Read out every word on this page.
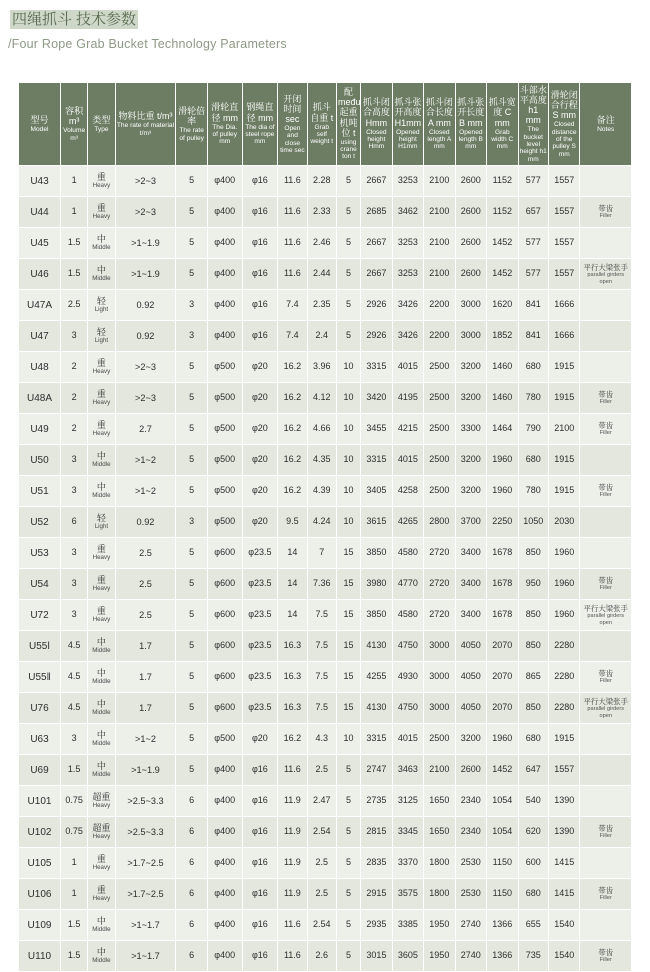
四绳抓斗 技术参数
/Four Rope Grab Bucket Technology Parameters
型号
Model	容积 m³
Volume m³	类型
Type	物料比重 t/m³
The rate of material t/m³	滑轮倍率
The rate of pulley	滑轮直径 mm
The Dia. of pulley mm	钢绳直径 mm
The dia of steel rope mm	开闭时间 sec
Open and close time sec	抓斗自重 t
Grab self weight t	配među起重机吨位 t
using crane ton t	抓斗闭合高度 Hmm
Closed height Hmm	抓斗张开高度 H1mm
Opened height H1mm	抓斗闭合长度 A mm
Closed length A mm	抓斗张开长度 B mm
Opened length B mm	抓斗宽度 C mm
Grab width C mm	斗部水平高度 h1 mm
The bucket level height h1 mm	滑轮闭合行程 S mm
Closed distance of the pulley S mm	备注
Notes

U43	1	重
Heavy	>2~3	5	φ400	φ16	11.6	2.28	5	2667	3253	2100	2600	1152	577	1557	
U44	1	重
Heavy	>2~3	5	φ400	φ16	11.6	2.33	5	2685	3462	2100	2600	1152	657	1557	带齿
Filler

U45	1.5	中
Middle	>1~1.9	5	φ400	φ16	11.6	2.46	5	2667	3253	2100	2600	1452	577	1557	
U46	1.5	中
Middle	>1~1.9	5	φ400	φ16	11.6	2.44	5	2667	3253	2100	2600	1452	577	1557	平行大梁张手
parallel girders open

U47A	2.5	轻
Light	0.92	3	φ400	φ16	7.4	2.35	5	2926	3426	2200	3000	1620	841	1666	
U47	3	轻
Light	0.92	3	φ400	φ16	7.4	2.4	5	2926	3426	2200	3000	1852	841	1666	
U48	2	重
Heavy	>2~3	5	φ500	φ20	16.2	3.96	10	3315	4015	2500	3200	1460	680	1915	
U48A	2	重
Heavy	>2~3	5	φ500	φ20	16.2	4.12	10	3420	4195	2500	3200	1460	780	1915	带齿
Filler

U49	2	重
Heavy	2.7	5	φ500	φ20	16.2	4.66	10	3455	4215	2500	3300	1464	790	2100	带齿
Filler

U50	3	中
Middle	>1~2	5	φ500	φ20	16.2	4.35	10	3315	4015	2500	3200	1960	680	1915	
U51	3	中
Middle	>1~2	5	φ500	φ20	16.2	4.39	10	3405	4258	2500	3200	1960	780	1915	带齿
Filler

U52	6	轻
Light	0.92	3	φ500	φ20	9.5	4.24	10	3615	4265	2800	3700	2250	1050	2030	
U53	3	重
Heavy	2.5	5	φ600	φ23.5	14	7	15	3850	4580	2720	3400	1678	850	1960	
U54	3	重
Heavy	2.5	5	φ600	φ23.5	14	7.36	15	3980	4770	2720	3400	1678	950	1960	带齿
Filler

U72	3	重
Heavy	2.5	5	φ600	φ23.5	14	7.5	15	3850	4580	2720	3400	1678	850	1960	平行大梁张手
parallel girders open

U55ǀ	4.5	中
Middle	1.7	5	φ600	φ23.5	16.3	7.5	15	4130	4750	3000	4050	2070	850	2280	
U55ǁ	4.5	中
Middle	1.7	5	φ600	φ23.5	16.3	7.5	15	4255	4930	3000	4050	2070	865	2280	带齿
Filler

U76	4.5	中
Middle	1.7	5	φ600	φ23.5	16.3	7.5	15	4130	4750	3000	4050	2070	850	2280	平行大梁张手
parallel girders open

U63	3	中
Middle	>1~2	5	φ500	φ20	16.2	4.3	10	3315	4015	2500	3200	1960	680	1915	
U69	1.5	中
Middle	>1~1.9	5	φ400	φ16	11.6	2.5	5	2747	3463	2100	2600	1452	647	1557	
U101	0.75	超重
Heavy	>2.5~3.3	6	φ400	φ16	11.9	2.47	5	2735	3125	1650	2340	1054	540	1390	
U102	0.75	超重
Heavy	>2.5~3.3	6	φ400	φ16	11.9	2.54	5	2815	3345	1650	2340	1054	620	1390	带齿
Filler

U105	1	重
Heavy	>1.7~2.5	6	φ400	φ16	11.9	2.5	5	2835	3370	1800	2530	1150	600	1415	
U106	1	重
Heavy	>1.7~2.5	6	φ400	φ16	11.9	2.5	5	2915	3575	1800	2530	1150	680	1415	带齿
Filler

U109	1.5	中
Middle	>1~1.7	6	φ400	φ16	11.6	2.54	5	2935	3385	1950	2740	1366	655	1540	
U110	1.5	中
Middle	>1~1.7	6	φ400	φ16	11.6	2.6	5	3015	3605	1950	2740	1366	735	1540	带齿
Filler
